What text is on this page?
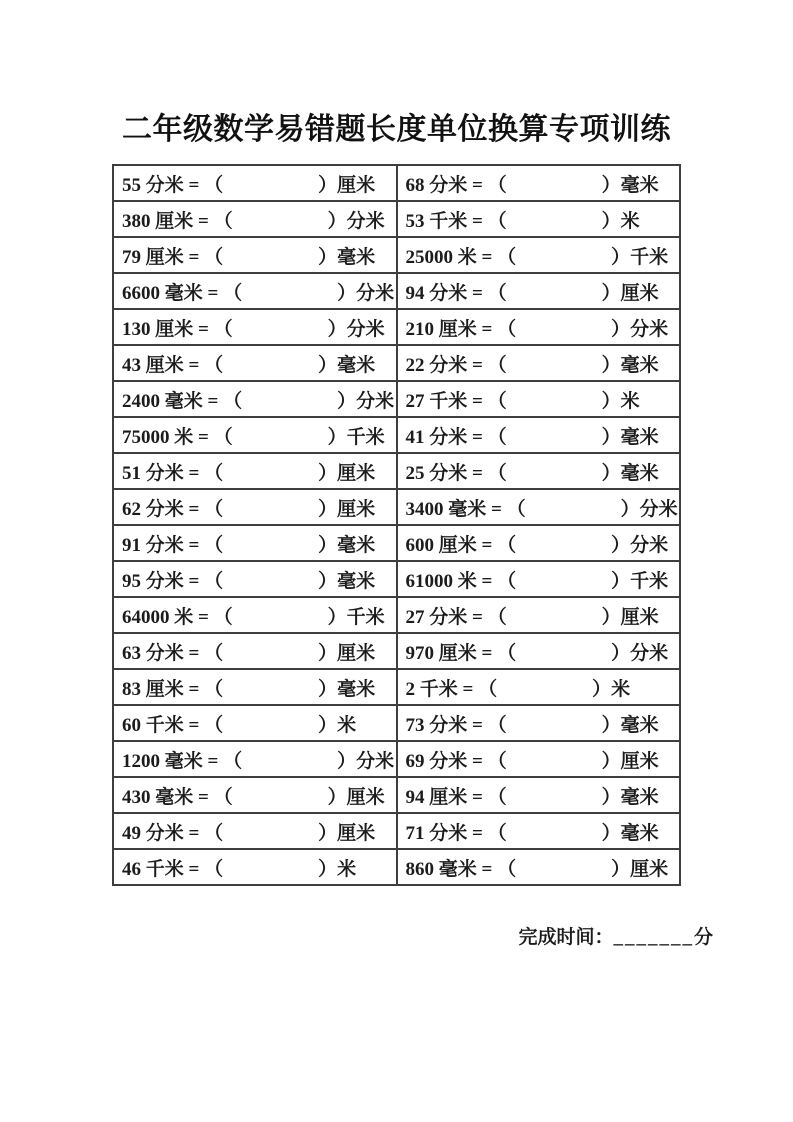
二年级数学易错题长度单位换算专项训练
55 分米 = （ ）厘米	68 分米 = （ ）毫米
380 厘米 = （ ）分米	53 千米 = （ ）米
79 厘米 = （ ）毫米	25000 米 = （ ）千米
6600 毫米 = （ ）分米	94 分米 = （ ）厘米
130 厘米 = （ ）分米	210 厘米 = （ ）分米
43 厘米 = （ ）毫米	22 分米 = （ ）毫米
2400 毫米 = （ ）分米	27 千米 = （ ）米
75000 米 = （ ）千米	41 分米 = （ ）毫米
51 分米 = （ ）厘米	25 分米 = （ ）毫米
62 分米 = （ ）厘米	3400 毫米 = （ ）分米
91 分米 = （ ）毫米	600 厘米 = （ ）分米
95 分米 = （ ）毫米	61000 米 = （ ）千米
64000 米 = （ ）千米	27 分米 = （ ）厘米
63 分米 = （ ）厘米	970 厘米 = （ ）分米
83 厘米 = （ ）毫米	2 千米 = （ ）米
60 千米 = （ ）米	73 分米 = （ ）毫米
1200 毫米 = （ ）分米	69 分米 = （ ）厘米
430 毫米 = （ ）厘米	94 厘米 = （ ）毫米
49 分米 = （ ）厘米	71 分米 = （ ）毫米
46 千米 = （ ）米	860 毫米 = （ ）厘米
完成时间：_______分
